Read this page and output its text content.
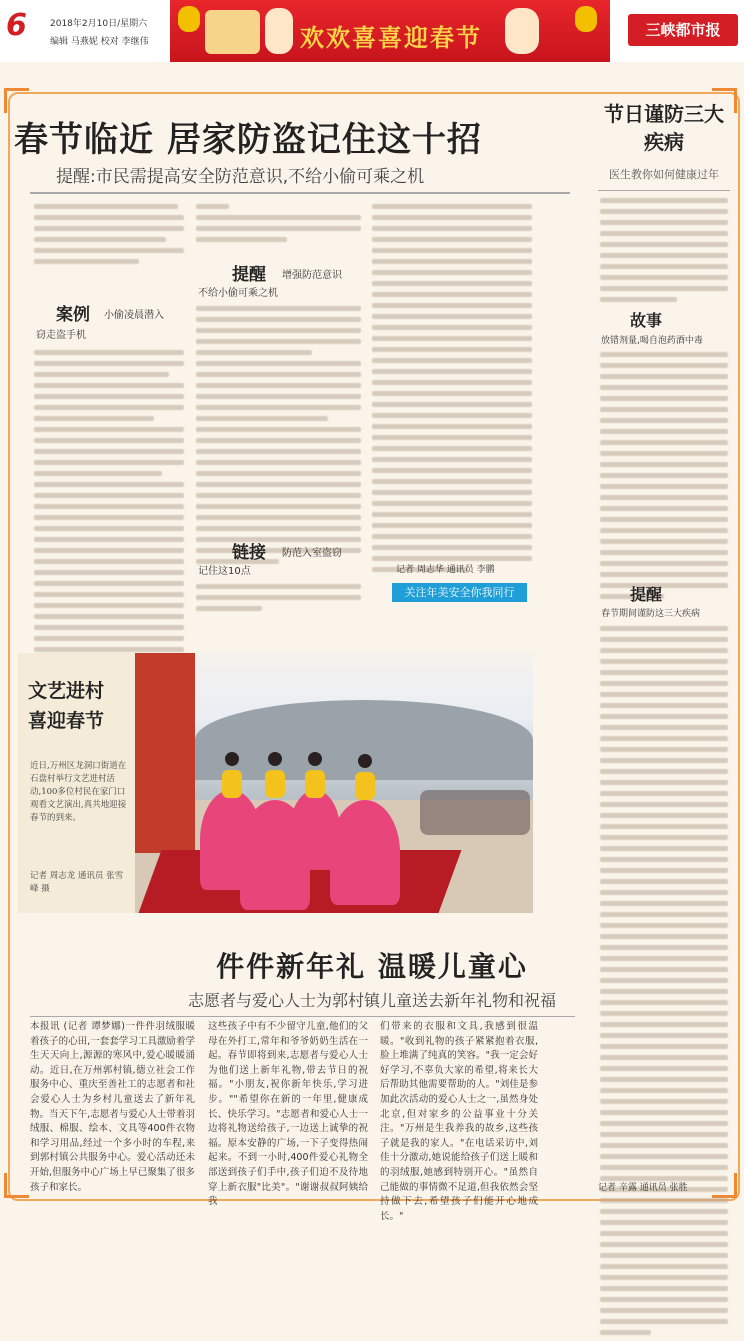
6	2018年2月10日/星期六
编辑 马燕妮 校对 李继伟	欢欢喜喜迎春节	三峡都市报
春节临近 居家防盗记住这十招
提醒:市民需提高安全防范意识,不给小偷可乘之机
案例 小偷凌晨潜入
窃走盗手机
提醒 增强防范意识
不给小偷可乘之机
链接 防范入室盗窃
记住这10点	记者 周志华 通讯员 李鹏
关注年美安全你我同行
节日谨防三大疾病
医生教你如何健康过年
故事
放错剂量,喝自泡药酒中毒
提醒
春节期间谨防这三大疾病
记者 辛露 通讯员 张胜
文艺进村 喜迎春节
近日,万州区龙洞口街道在石盘村举行文艺进村活动,100多位村民在家门口观看文艺演出,真共地迎接春节的到来。
记者 周志龙 通讯员 张雪峰 摄
件件新年礼 温暖儿童心
志愿者与爱心人士为郭村镇儿童送去新年礼物和祝福
本报讯 (记者 谭梦娜)一件件羽绒服暖着孩子的心田,一套套学习工具激励着学生天天向上,源源的寒风中,爱心暖暖涌动。近日,在万州郭村镇,德立社会工作服务中心、重庆至善社工的志愿者和社会爱心人士为乡村儿童送去了新年礼物。当天下午,志愿者与爱心人士带着羽绒服、棉服、绘本、文具等400件衣物和学习用品,经过一个多小时的车程,来到郭村镇公共服务中心。爱心活动还未开始,但服务中心广场上早已聚集了很多孩子和家长。
这些孩子中有不少留守儿童,他们的父母在外打工,常年和爷爷奶奶生活在一起。春节即将到来,志愿者与爱心人士为他们送上新年礼物,带去节日的祝福。"小朋友,祝你新年快乐,学习进步。""希望你在新的一年里,健康成长、快乐学习。"志愿者和爱心人士一边将礼物送给孩子,一边送上诚挚的祝福。原本安静的广场,一下子变得热闹起来。不到一小时,400件爱心礼物全部送到孩子们手中,孩子们迫不及待地穿上新衣服"比美"。"谢谢叔叔阿姨给我
们带来的衣服和文具,我感到很温暖。"收到礼物的孩子紧紧抱着衣服,脸上堆满了纯真的笑容。"我一定会好好学习,不辜负大家的希望,将来长大后帮助其他需要帮助的人。"刘佳是参加此次活动的爱心人士之一,虽然身处北京,但对家乡的公益事业十分关注。"万州是生我养我的故乡,这些孩子就是我的家人。"在电话采访中,刘佳十分激动,她说能给孩子们送上暖和的羽绒服,她感到特别开心。"虽然自己能做的事情微不足道,但我依然会坚持做下去,希望孩子们能开心地成长。"
